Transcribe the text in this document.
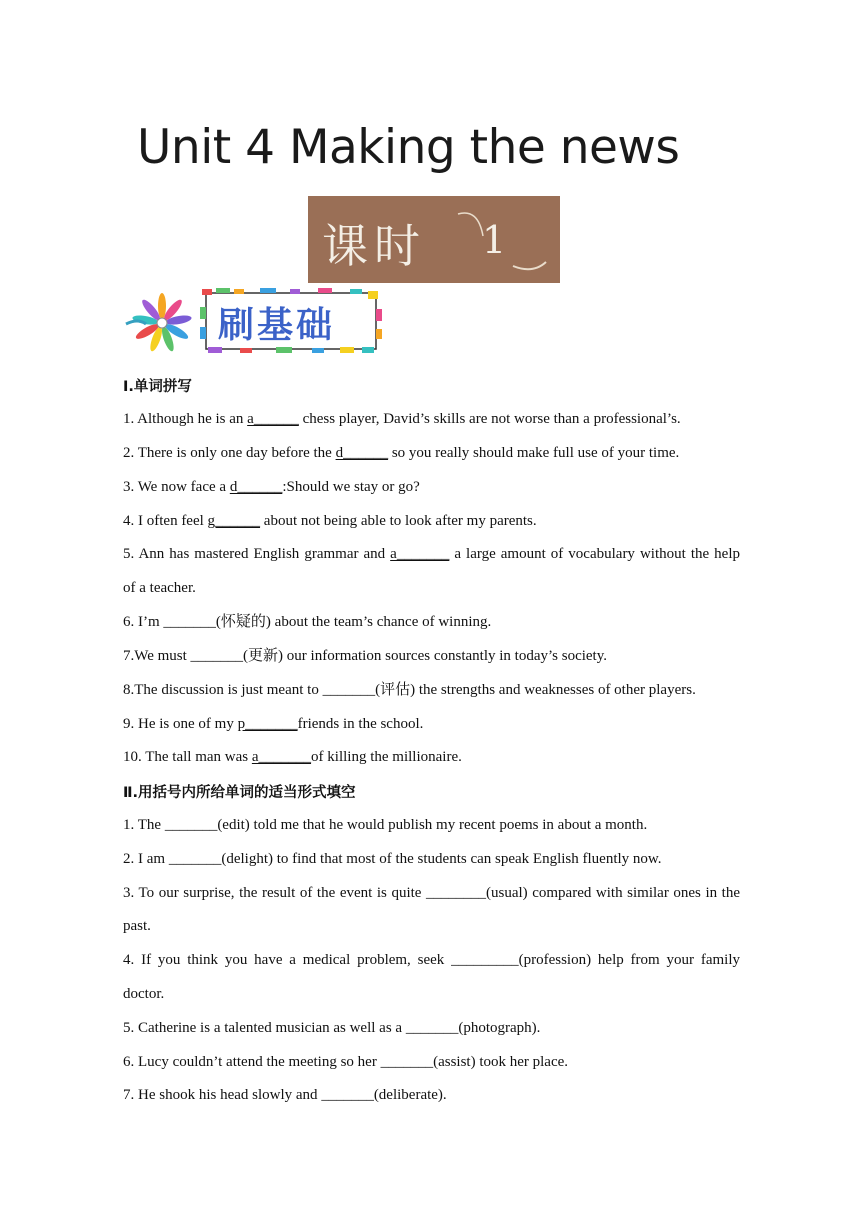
Unit 4 Making the news
课时 1
刷基础
Ⅰ.单词拼写
1. Although he is an a______ chess player, David’s skills are not worse than a professional’s.
2. There is only one day before the d______ so you really should make full use of your time.
3. We now face a d______:Should we stay or go?
4. I often feel g______ about not being able to look after my parents.
5. Ann has mastered English grammar and a_______ a large amount of vocabulary without the help
of a teacher.
6. I’m _______(怀疑的) about the team’s chance of winning.
7.We must _______(更新) our information sources constantly in today’s society.
8.The discussion is just meant to _______(评估) the strengths and weaknesses of other players.
9. He is one of my p_______friends in the school.
10. The tall man was a_______of killing the millionaire.
Ⅱ.用括号内所给单词的适当形式填空
1. The _______(edit) told me that he would publish my recent poems in about a month.
2. I am _______(delight) to find that most of the students can speak English fluently now.
3. To our surprise, the result of the event is quite ________(usual) compared with similar ones in the
past.
4. If you think you have a medical problem, seek _________(profession) help from your family
doctor.
5. Catherine is a talented musician as well as a _______(photograph).
6. Lucy couldn’t attend the meeting so her _______(assist) took her place.
7. He shook his head slowly and _______(deliberate).
